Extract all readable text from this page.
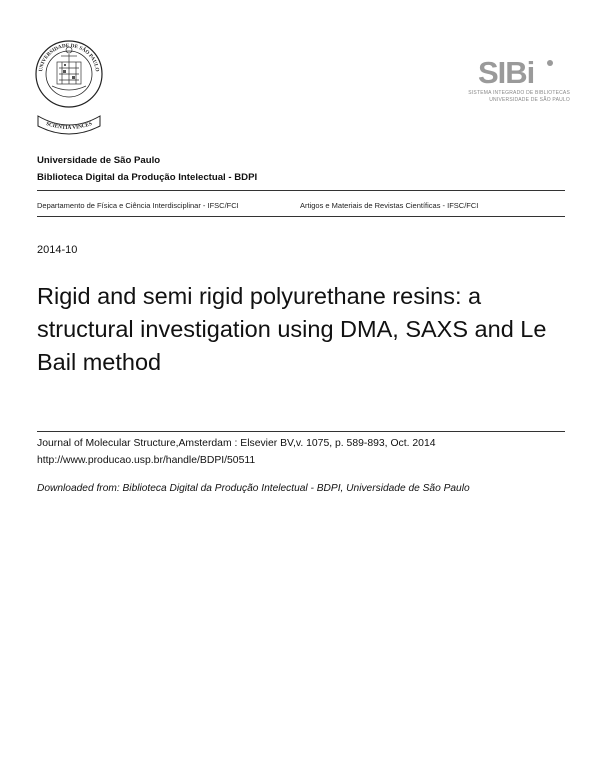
UNIVERSIDADE DE SÃO PAULO
SCIENTIA VINCES
SIBi
SISTEMA INTEGRADO DE BIBLIOTECAS
UNIVERSIDADE DE SÃO PAULO
Universidade de São Paulo
Biblioteca Digital da Produção Intelectual - BDPI
Departamento de Física e Ciência Interdisciplinar - IFSC/FCI	Artigos e Materiais de Revistas Científicas - IFSC/FCI
2014-10
Rigid and semi rigid polyurethane resins: a structural investigation using DMA, SAXS and Le Bail method
Journal of Molecular Structure,Amsterdam : Elsevier BV,v. 1075, p. 589-893, Oct. 2014
http://www.producao.usp.br/handle/BDPI/50511
Downloaded from: Biblioteca Digital da Produção Intelectual - BDPI, Universidade de São Paulo
